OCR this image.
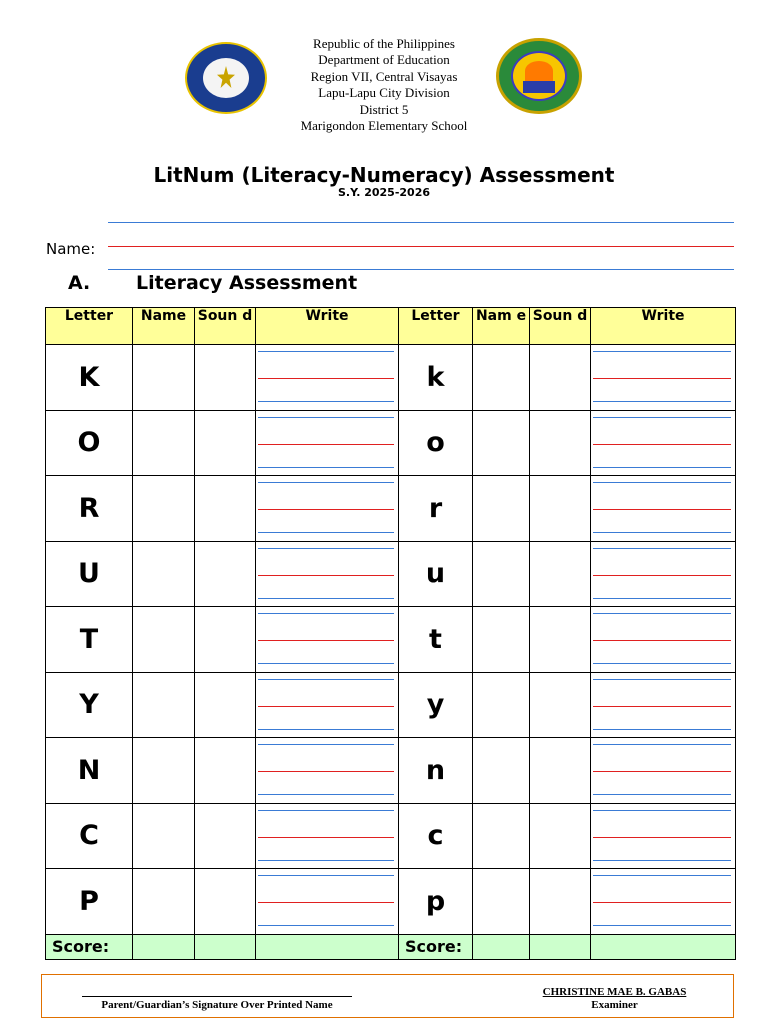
Republic of the Philippines
Department of Education
Region VII, Central Visayas
Lapu-Lapu City Division
District 5
Marigondon Elementary School
LitNum (Literacy-Numeracy) Assessment
S.Y. 2025-2026
Name:
A. Literacy Assessment
Letter	Name	Soun d	Write	Letter	Nam e	Soun d	Write
K				k			

O				o			

R				r			

U				u			

T				t			

Y				y			

N				n			

C				c			

P				p			

Score:				Score:			
Parent/Guardian’s Signature Over Printed Name
CHRISTINE MAE B. GABAS
Examiner
